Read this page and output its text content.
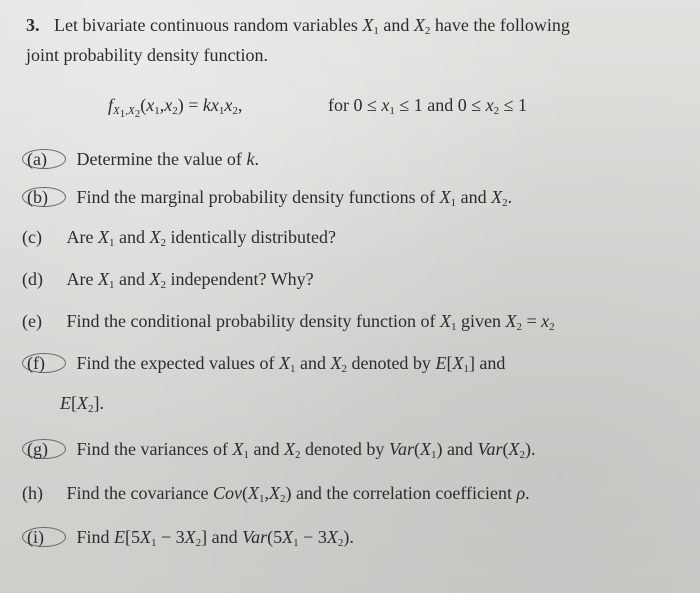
3. Let bivariate continuous random variables $X_1$ and $X_2$ have the following
joint probability density function.
$f_{X_1,X_2}(x_1,x_2) = kx_1x_2$,	for $0 \le x_1 \le 1$ and $0 \le x_2 \le 1$
(a) Determine the value of k.
(b) Find the marginal probability density functions of $X_1$ and $X_2$.
(c) Are $X_1$ and $X_2$ identically distributed?
(d) Are $X_1$ and $X_2$ independent? Why?
(e) Find the conditional probability density function of $X_1$ given $X_2 = x_2$
(f) Find the expected values of $X_1$ and $X_2$ denoted by $E[X_1]$ and
$E[X_2]$.
(g) Find the variances of $X_1$ and $X_2$ denoted by $Var(X_1)$ and $Var(X_2)$.
(h) Find the covariance $Cov(X_1,X_2)$ and the correlation coefficient ρ.
(i) Find $E[5X_1 - 3X_2]$ and $Var(5X_1 - 3X_2)$.
